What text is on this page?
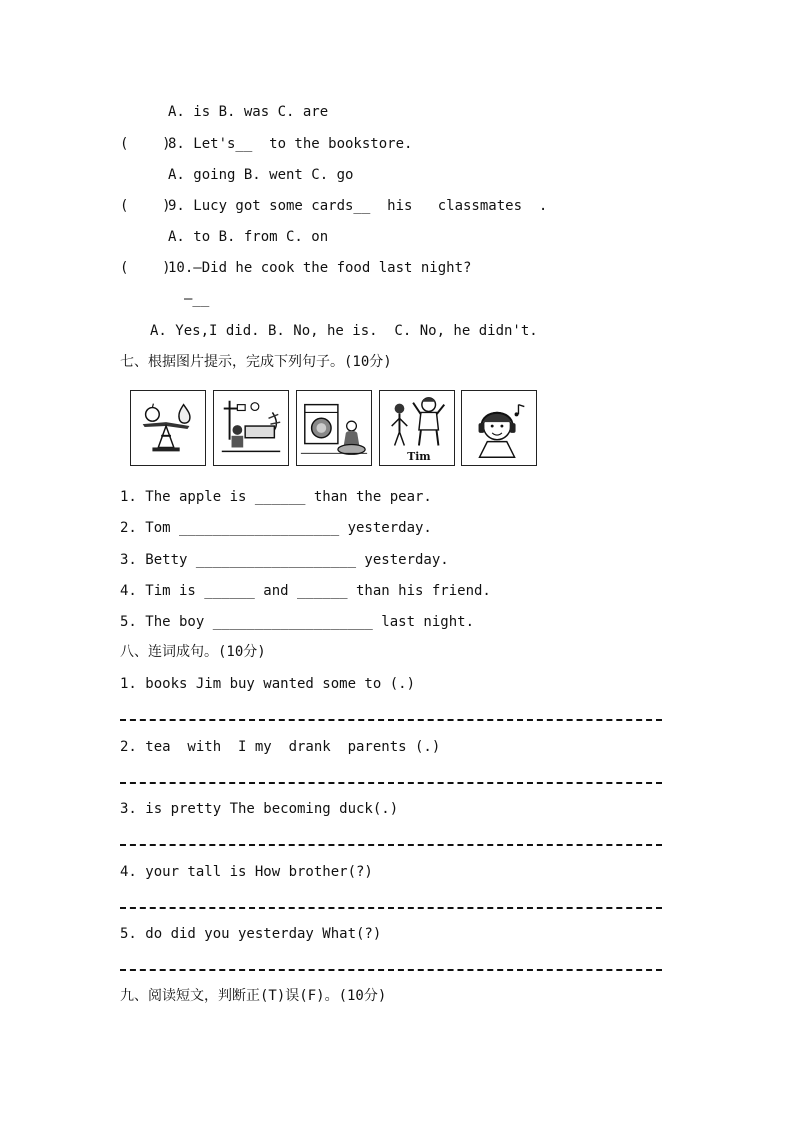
A. is B. was C. are
(    )
8. Let's__  to the bookstore.
A. going B. went C. go
(    )
9. Lucy got some cards__  his   classmates  .
A. to B. from C. on
(    )
10.—Did he cook the food last night?
—__
A. Yes,I did. B. No, he is.  C. No, he didn't.
七、根据图片提示，完成下列句子。(10分)
Tim
1. The apple is ______ than the pear.
2. Tom ___________________ yesterday.
3. Betty ___________________ yesterday.
4. Tim is ______ and ______ than his friend.
5. The boy ___________________ last night.
八、连词成句。(10分)
1. books Jim buy wanted some to (.)
2. tea  with  I my  drank  parents (.)
3. is pretty The becoming duck(.)
4. your tall is How brother(?)
5. do did you yesterday What(?)
九、阅读短文，判断正(T)误(F)。(10分)
